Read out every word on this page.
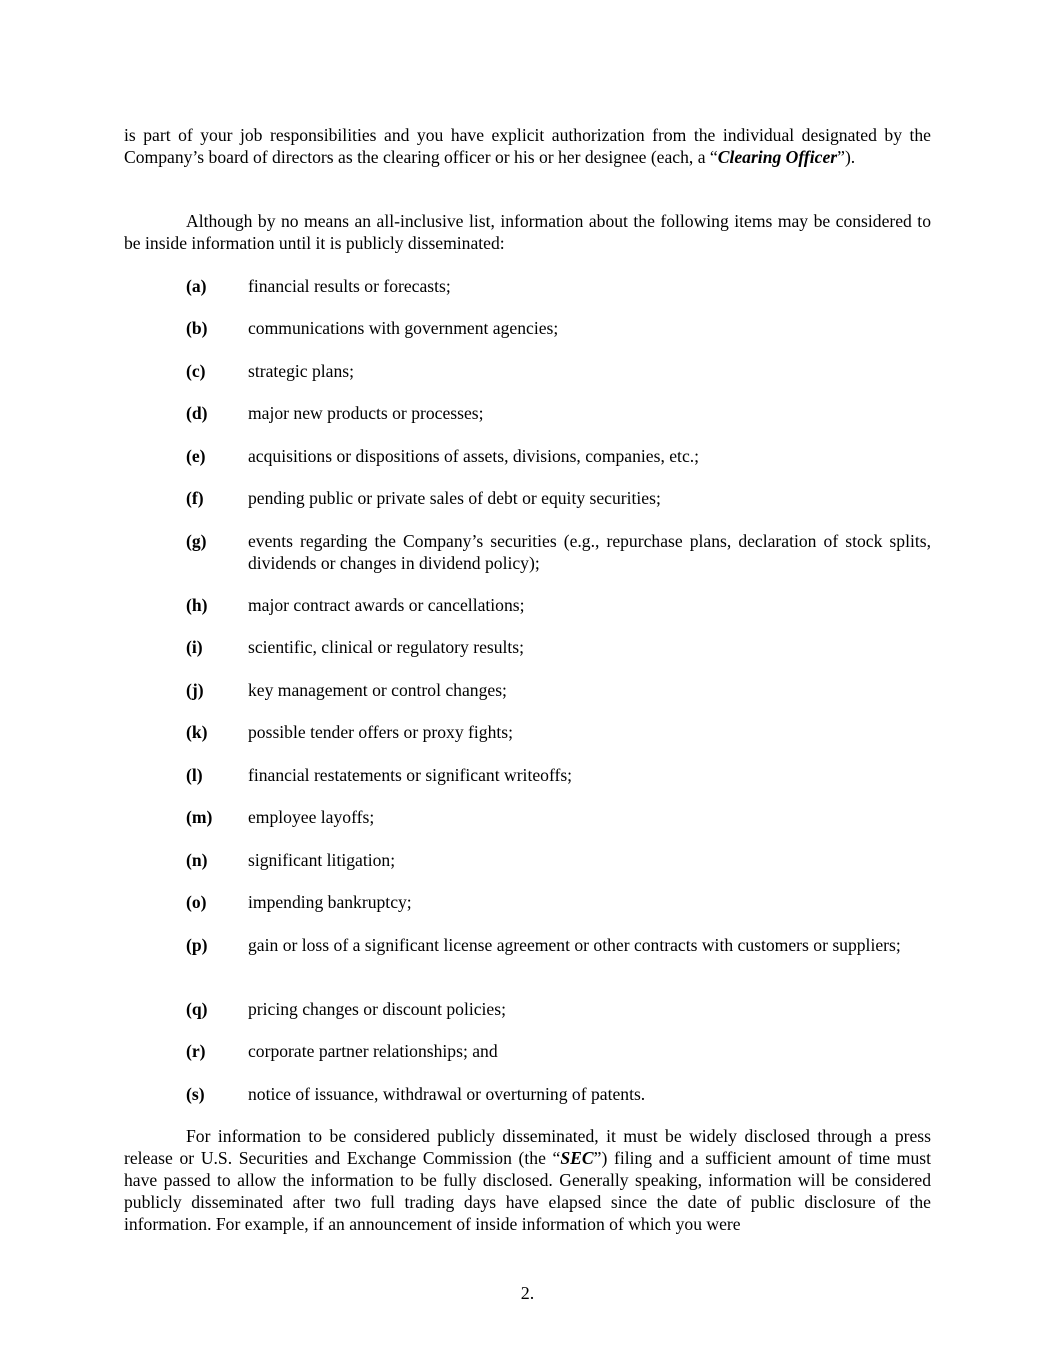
is part of your job responsibilities and you have explicit authorization from the individual designated by the Company’s board of directors as the clearing officer or his or her designee (each, a “Clearing Officer”).
Although by no means an all-inclusive list, information about the following items may be considered to be inside information until it is publicly disseminated:
(a)	financial results or forecasts;
(b)	communications with government agencies;
(c)	strategic plans;
(d)	major new products or processes;
(e)	acquisitions or dispositions of assets, divisions, companies, etc.;
(f)	pending public or private sales of debt or equity securities;
(g)	events regarding the Company’s securities (e.g., repurchase plans, declaration of stock splits, dividends or changes in dividend policy);
(h)	major contract awards or cancellations;
(i)	scientific, clinical or regulatory results;
(j)	key management or control changes;
(k)	possible tender offers or proxy fights;
(l)	financial restatements or significant writeoffs;
(m)	employee layoffs;
(n)	significant litigation;
(o)	impending bankruptcy;
(p)	gain or loss of a significant license agreement or other contracts with customers or suppliers;
(q)	pricing changes or discount policies;
(r)	corporate partner relationships; and
(s)	notice of issuance, withdrawal or overturning of patents.
For information to be considered publicly disseminated, it must be widely disclosed through a press release or U.S. Securities and Exchange Commission (the “SEC”) filing and a sufficient amount of time must have passed to allow the information to be fully disclosed. Generally speaking, information will be considered publicly disseminated after two full trading days have elapsed since the date of public disclosure of the information. For example, if an announcement of inside information of which you were
2.
